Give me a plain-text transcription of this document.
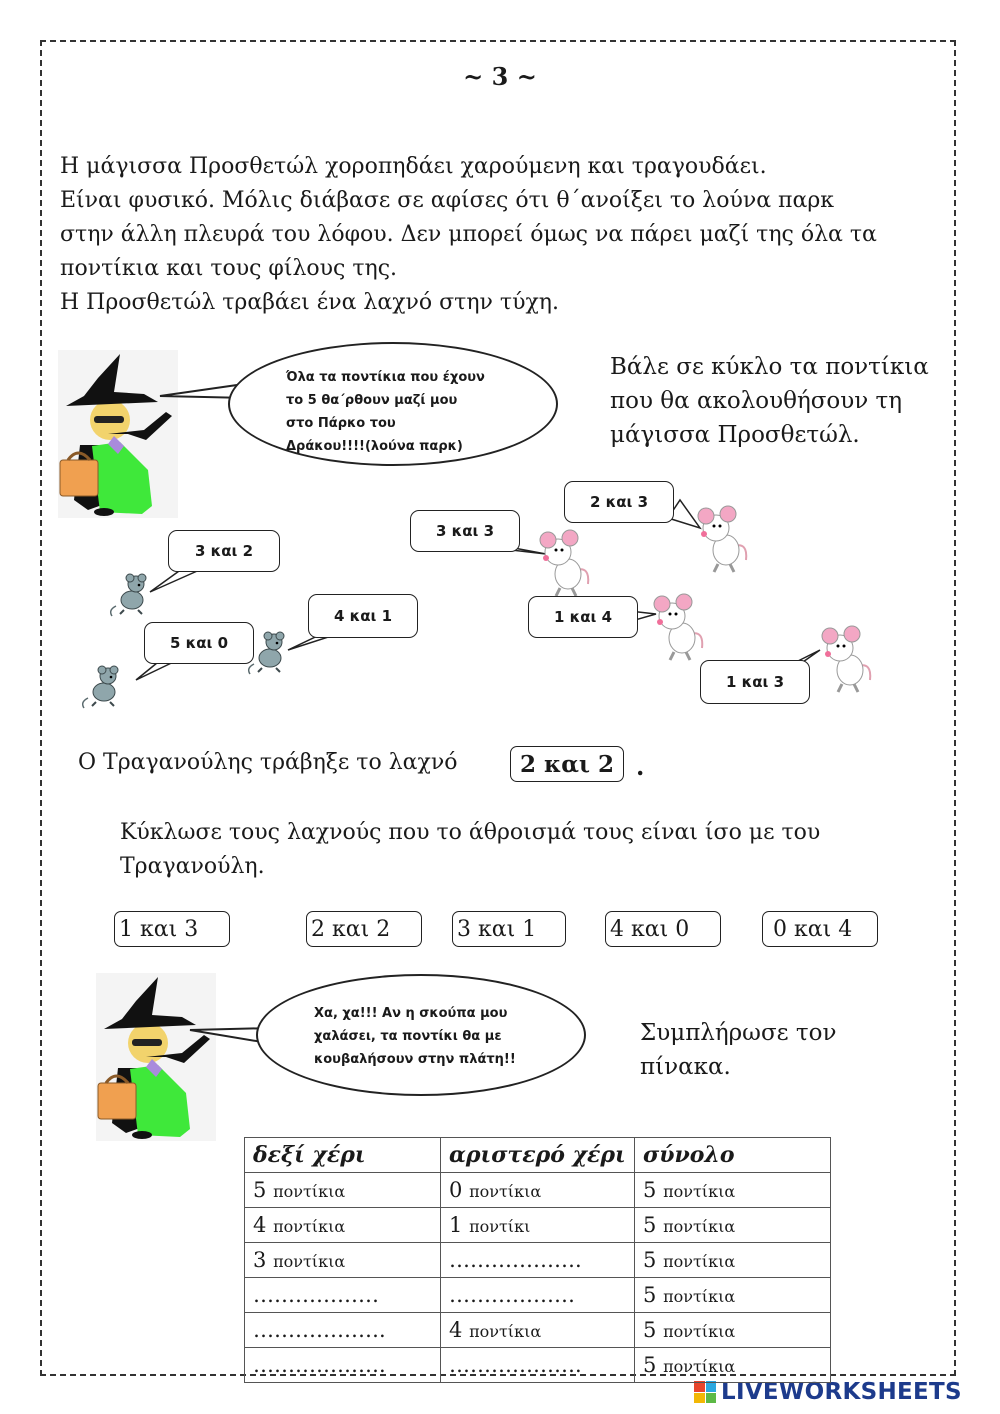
~ 3 ~
Η μάγισσα Προσθετώλ χοροπηδάει χαρούμενη και τραγουδάει.
Είναι φυσικό. Μόλις διάβασε σε αφίσες ότι θ΄ανοίξει το λούνα παρκ
στην άλλη πλευρά του λόφου. Δεν μπορεί όμως να πάρει μαζί της όλα τα
ποντίκια και τους φίλους της.
Η Προσθετώλ τραβάει ένα λαχνό στην τύχη.
Όλα τα ποντίκια που έχουν
το 5 θα΄ρθουν μαζί μου
στο Πάρκο του
Δράκου!!!!(λούνα παρκ)
Βάλε σε κύκλο τα ποντίκια
που θα ακολουθήσουν τη
μάγισσα Προσθετώλ.
3 και 2
4 και 1
5 και 0
3 και 3
2 και 3
1 και 4
1 και 3
Ο Τραγανούλης τράβηξε το λαχνό	2 και 2 .
Κύκλωσε τους λαχνούς που το άθροισμά τους είναι ίσο με του
Τραγανούλη.
1 και 3	2 και 2	3 και 1	4 και 0	0 και 4
Χα, χα!!! Αν η σκούπα μου
χαλάσει, τα ποντίκι θα με
κουβαλήσουν στην πλάτη!!
Συμπλήρωσε τον
πίνακα.
δεξί χέρι	αριστερό χέρι	σύνολο
5 ποντίκια	0 ποντίκια	5 ποντίκια
4 ποντίκια	1 ποντίκι	5 ποντίκια
3 ποντίκια	……………….	5 ποντίκια
………………	………………	5 ποντίκια
……………….	4 ποντίκια	5 ποντίκια
……………….	……………….	5 ποντίκια
LIVEWORKSHEETS
